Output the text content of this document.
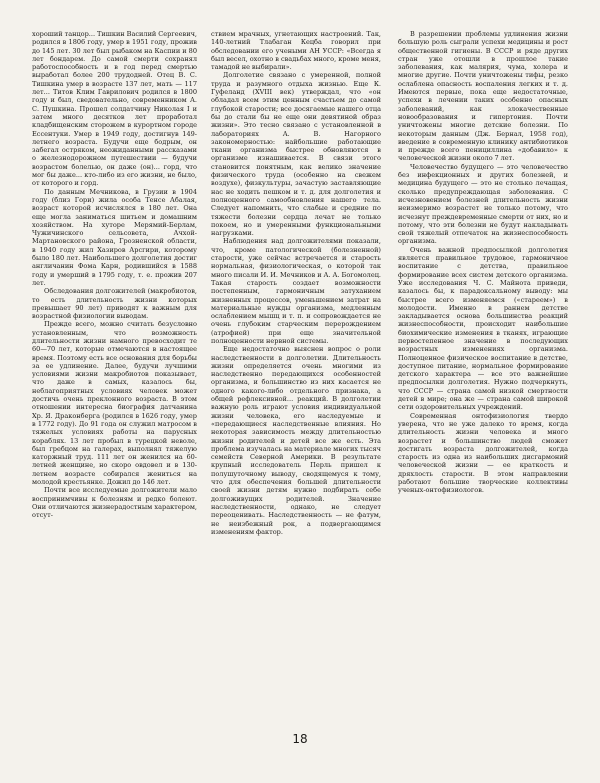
хороший танцор... Тишкин Василий Сергеевич, родился в 1806 году, умер в 1951 году, прожив до 145 лет. 30 лет был рыбаком на Каспии и 80 лет бондарем. До самой смерти сохранял работоспособность и в год перед смертью выработал более 200 трудодней. Отец В. С. Тишкина умер в возрасте 137 лет, мать — 117 лет... Титов Клим Гаврилович родился в 1800 году и был, сведовательно, современником А. С. Пушкина. Прошел солдатчину Николая I и затем много десятков лет проработал кладбищенским сторожем в курортном городе Ессентуки. Умер в 1949 году, достигнув 149-летнего возраста. Будучи еще бодрым, он забегал остряком, неожиданными рассказами о железнодорожном путешествии — будучи возрастом болелью, он даже (он)... горд, что мог бы даже... кто-либо из его жизни, не было, от которого и горд.

По данным Мечникова, в Грузии в 1904 году (близ Гори) жила особа Тенсе Абалая, возраст которой исчислялся в 180 лет. Она еще могла заниматься шитьем и домашним хозяйством. На хуторе Мерямий-Берлам, Чужичинского сельсовета, Ачхой-Мартановского района, Грозненской области, в 1940 году жил Хазиров Арсгири, которому было 180 лет. Наибольшего долголетия достиг англичанин Фома Карн, родившийся в 1588 году и умерший в 1795 году, т. е. прожив 207 лет.

Обследования долгожителей (макробиотов, то есть длительность жизни которых превышает 90 лет) приводят к важным для возрастной физиологии выводам.

Прежде всего, можно считать безусловно установленным, что возможность длительности жизни намного превосходит те 60—70 лет, которые отмечаются в настоящее время. Поэтому есть все основания для борьбы за ее удлинение. Далее, будучи лучшими условиями жизни макробиотов показывает, что даже в самых, казалось бы, неблагоприятных условиях человек может достичь очень преклонного возраста. В этом отношении интересна биография датчанина Хр. Я. Драконберга (родился в 1626 году, умер в 1772 году). До 91 года он служил матросом в тяжелых условиях работы на парусных кораблях. 13 лет пробыл в турецкой неволе, был гребцом на галерах, выполнял тяжелую каторжный труд. 111 лет он женился на 60-летней женщине, но скоро овдовел и в 130-летнем возрасте собирался жениться на молодой крестьянке. Дожил до 146 лет.

Почти все исследуемые долгожители мало воспринимчивы к болезням и редко болеют. Они отличаются жизнерадостным характером, отсут-

ствием мрачных, угнетающих настроений. Так, 140-летний Тлабаган Кецба говорил при обследовании его учеными АН УССР: «Всегда я был весел, охотно в свадьбах много, кроме меня, тамадой не выбирали».

Долголетие связано с умеренной, полной труда и разумного отдыха жизнью. Еще К. Гуфеланд (XVIII век) утверждал, что «он обладал всем этим ценным счастьем до самой глубокой старости; все досягаемые нашего отца бы до стали бы не еще они девятиной образ жизни». Это тесно связано с установленной в лабораториях А. В. Нагорного закономерностью: найбольшие работающие ткани организма быстрее обновляются в организме изнашивается. В связи этого становится понятным, как велико значение физического труда (особенно на свежем воздухе), физкультуры, зачастую заставляющие нас не ходить пешком и т. д. для долголетия и полноценного самообновления нашего тела. Следует напомнить, что слабые и средние по тяжести болезни сердца лечат не только покоем, но и умеренными функциональными нагрузками.

Наблюдения над долгожителями показали, что, кроме патологической (болезненной) старости, уже сейчас встречается и старость нормальная, физиологическая, о которой так много писали И. И. Мечников и А. А. Богомолец. Такая старость создает возможности постепенным, гармоничным затуханием жизненных процессов, уменьшением затрат на материальные нужды организма, медленным ослаблением мышц и т. п. и сопровождается не очень глубоким старческим перерождением (атрофией) при еще значительной полноценности нервной системы.

Еще недостаточно выяснен вопрос о роли наследственности в долголетии. Длительность жизни определяется очень многими из наследственно передающихся особенностей организма, и большинство из них касается не одного какого-либо отдельного признака, а общей рефлексивной... реакций. В долголетии важную роль играют условия индивидуальной жизни человека, его наследуемые и «передающиеся наследственные влияния. Но некоторая зависимость между длительностью жизни родителей и детей все же есть. Эта проблема изучалась на материале многих тысяч семейств Северной Америки. В результате крупный исследователь Перль пришел к полушуточному выводу, сводящемуся к тому, что для обеспечения большей длительности своей жизни детям нужно подбирать себе долгоживущих родителей. Значение наследственности, однако, не следует переоценивать. Наследственность — не фатум, не неизбежный рок, а подвергающимся изменениям фактор.

В разрешении проблемы удлинения жизни большую роль сыграли успехи медицины и рост общественной гигиены. В СССР и ряде других стран уже отошли в прошлое такие заболевания, как малярия, чума, холера и многие другие. Почти уничтожены тифы, резко ослаблена опасность воспаления легких и т. д. Имеются первые, пока еще недостаточные, успехи в лечении таких особенно опасных заболеваний, как злокачественные новообразования и гипертония. Почти уничтожены многие детские болезни. По некоторым данным (Дж. Бернал, 1958 год), введение в современную клинику антибиотиков и прежде всего пенициллина «добавило» к человеческой жизни около 7 лет.

Человечество будущего — это человечество без инфекционных и других болезней, и медицина будущего — это не столько лечащая, сколько предупреждающая заболевания. С исчезновением болезней длительность жизни неизмеримо возрастет не только потому, что исчезнут преждевременные смерти от них, но и потому, что эти болезни не будут накладывать свой тяжелый отпечаток на жизнеспособность организма.

Очень важной предпосылкой долголетия является правильное трудовое, гармоничное воспитание с детства, правильное формирование всех систем детского организма. Уже исследования Ч. С. Майнота приведи, казалось бы, к парадоксальному выводу: мы быстрее всего изменяемся («стареем») в молодости. Именно в раннем детстве закладывается основа большинства реакций жизнеспособности, происходит наибольшие биохимические изменения в тканях, играющие первостепенное значение в последующих возрастных изменениях организма. Полноценное физическое воспитание в детстве, доступное питание, нормальное формирование детского характера — все это важнейшие предпосылки долголетия. Нужно подчеркнуть, что СССР — страна самой низкой смертности детей в мире; она же — страна самой широкой сети оздоровительных учреждений.

Современная онтофизиология твердо уверена, что не уже далеко то время, когда длительность жизни человека и много возрастет и большинство людей сможет достигать возраста долгожителей, когда старость из одна из наибольших дисгармоний человеческой жизни — ее краткость и дряхлость старости. В этом направлении работают большие творческие коллективы ученых-онтофизиологов.

18
